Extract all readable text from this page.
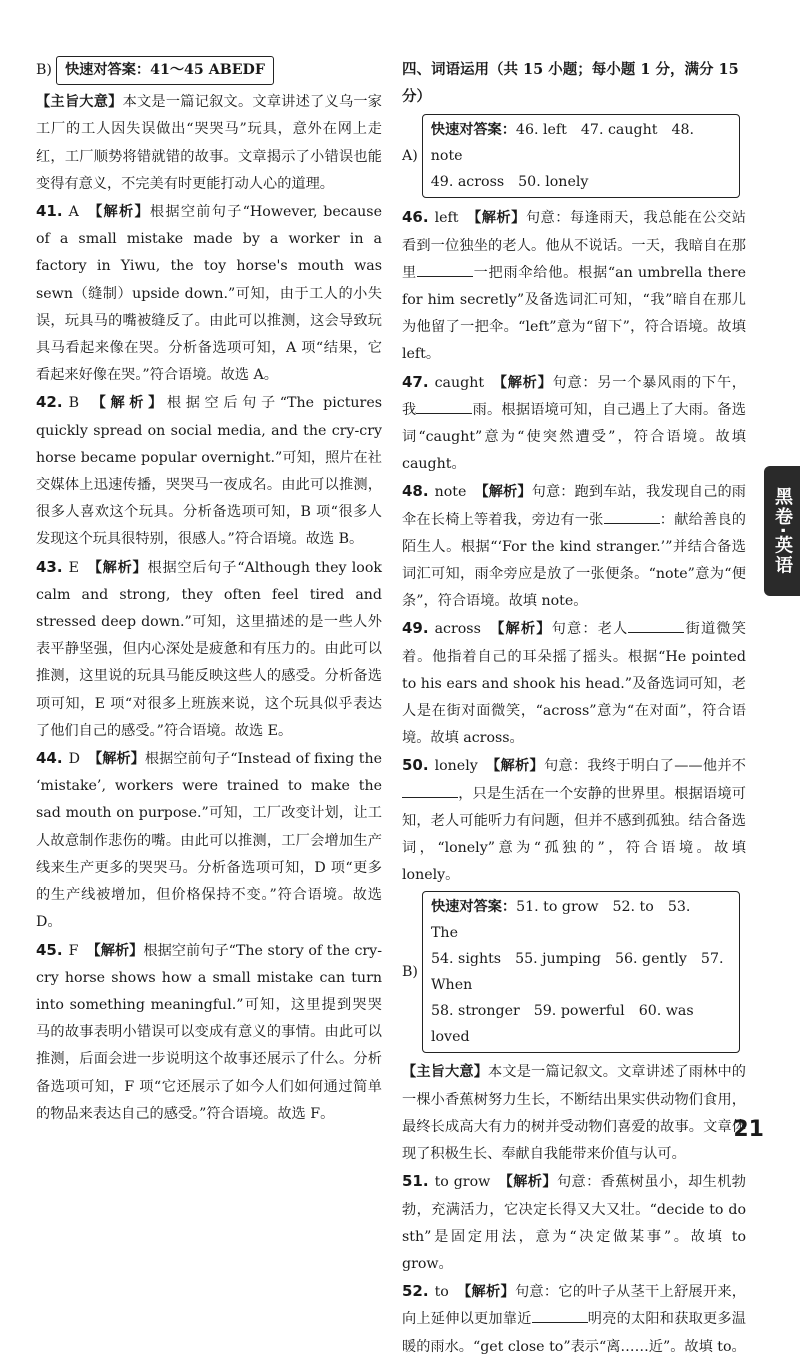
B) 快速对答案：41～45 ABEDF

【主旨大意】本文是一篇记叙文。文章讲述了义乌一家工厂的工人因失误做出“哭哭马”玩具，意外在网上走红，工厂顺势将错就错的故事。文章揭示了小错误也能变得有意义，不完美有时更能打动人心的道理。

41. A 【解析】根据空前句子“However, because of a small mistake made by a worker in a factory in Yiwu, the toy horse's mouth was sewn（缝制）upside down.”可知，由于工人的小失误，玩具马的嘴被缝反了。由此可以推测，这会导致玩具马看起来像在哭。分析备选项可知，A 项“结果，它看起来好像在哭。”符合语境。故选 A。

42. B 【解析】根据空后句子“The pictures quickly spread on social media, and the cry-cry horse became popular overnight.”可知，照片在社交媒体上迅速传播，哭哭马一夜成名。由此可以推测，很多人喜欢这个玩具。分析备选项可知，B 项“很多人发现这个玩具很特别，很感人。”符合语境。故选 B。

43. E 【解析】根据空后句子“Although they look calm and strong, they often feel tired and stressed deep down.”可知，这里描述的是一些人外表平静坚强，但内心深处是疲惫和有压力的。由此可以推测，这里说的玩具马能反映这些人的感受。分析备选项可知，E 项“对很多上班族来说，这个玩具似乎表达了他们自己的感受。”符合语境。故选 E。

44. D 【解析】根据空前句子“Instead of fixing the ‘mistake’, workers were trained to make the sad mouth on purpose.”可知，工厂改变计划，让工人故意制作悲伤的嘴。由此可以推测，工厂会增加生产线来生产更多的哭哭马。分析备选项可知，D 项“更多的生产线被增加，但价格保持不变。”符合语境。故选 D。

45. F 【解析】根据空前句子“The story of the cry-cry horse shows how a small mistake can turn into something meaningful.”可知，这里提到哭哭马的故事表明小错误可以变成有意义的事情。由此可以推测，后面会进一步说明这个故事还展示了什么。分析备选项可知，F 项“它还展示了如今人们如何通过简单的物品来表达自己的感受。”符合语境。故选 F。

四、词语运用（共 15 小题；每小题 1 分，满分 15 分）

A)
快速对答案：46. left 47. caught 48. note
49. across 50. lonely

46. left 【解析】句意：每逢雨天，我总能在公交站看到一位独坐的老人。他从不说话。一天，我暗自在那里	一把雨伞给他。根据“an umbrella there for him secretly”及备选词汇可知，“我”暗自在那儿为他留了一把伞。“left”意为“留下”，符合语境。故填 left。

47. caught 【解析】句意：另一个暴风雨的下午，我	雨。根据语境可知，自己遇上了大雨。备选词“caught”意为“使突然遭受”，符合语境。故填 caught。

48. note 【解析】句意：跑到车站，我发现自己的雨伞在长椅上等着我，旁边有一张	：献给善良的陌生人。根据“‘For the kind stranger.’”并结合备选词汇可知，雨伞旁应是放了一张便条。“note”意为“便条”，符合语境。故填 note。

49. across 【解析】句意：老人	街道微笑着。他指着自己的耳朵摇了摇头。根据“He pointed to his ears and shook his head.”及备选词可知，老人是在街对面微笑，“across”意为“在对面”，符合语境。故填 across。

50. lonely 【解析】句意：我终于明白了——他并不，只是生活在一个安静的世界里。根据语境可知，老人可能听力有问题，但并不感到孤独。结合备选词，“lonely”意为“孤独的”，符合语境。故填 lonely。

B)
快速对答案：51. to grow 52. to 53. The
54. sights 55. jumping 56. gently 57. When
58. stronger 59. powerful 60. was loved

【主旨大意】本文是一篇记叙文。文章讲述了雨林中的一棵小香蕉树努力生长，不断结出果实供动物们食用，最终长成高大有力的树并受动物们喜爱的故事。文章体现了积极生长、奉献自我能带来价值与认可。

51. to grow 【解析】句意：香蕉树虽小，却生机勃勃，充满活力，它决定长得又大又壮。“decide to do sth”是固定用法，意为“决定做某事”。故填 to grow。

52. to 【解析】句意：它的叶子从茎干上舒展开来，向上延伸以更加靠近	明亮的太阳和获取更多温暖的雨水。“get close to”表示“离……近”。故填 to。

黑卷·英语
21
